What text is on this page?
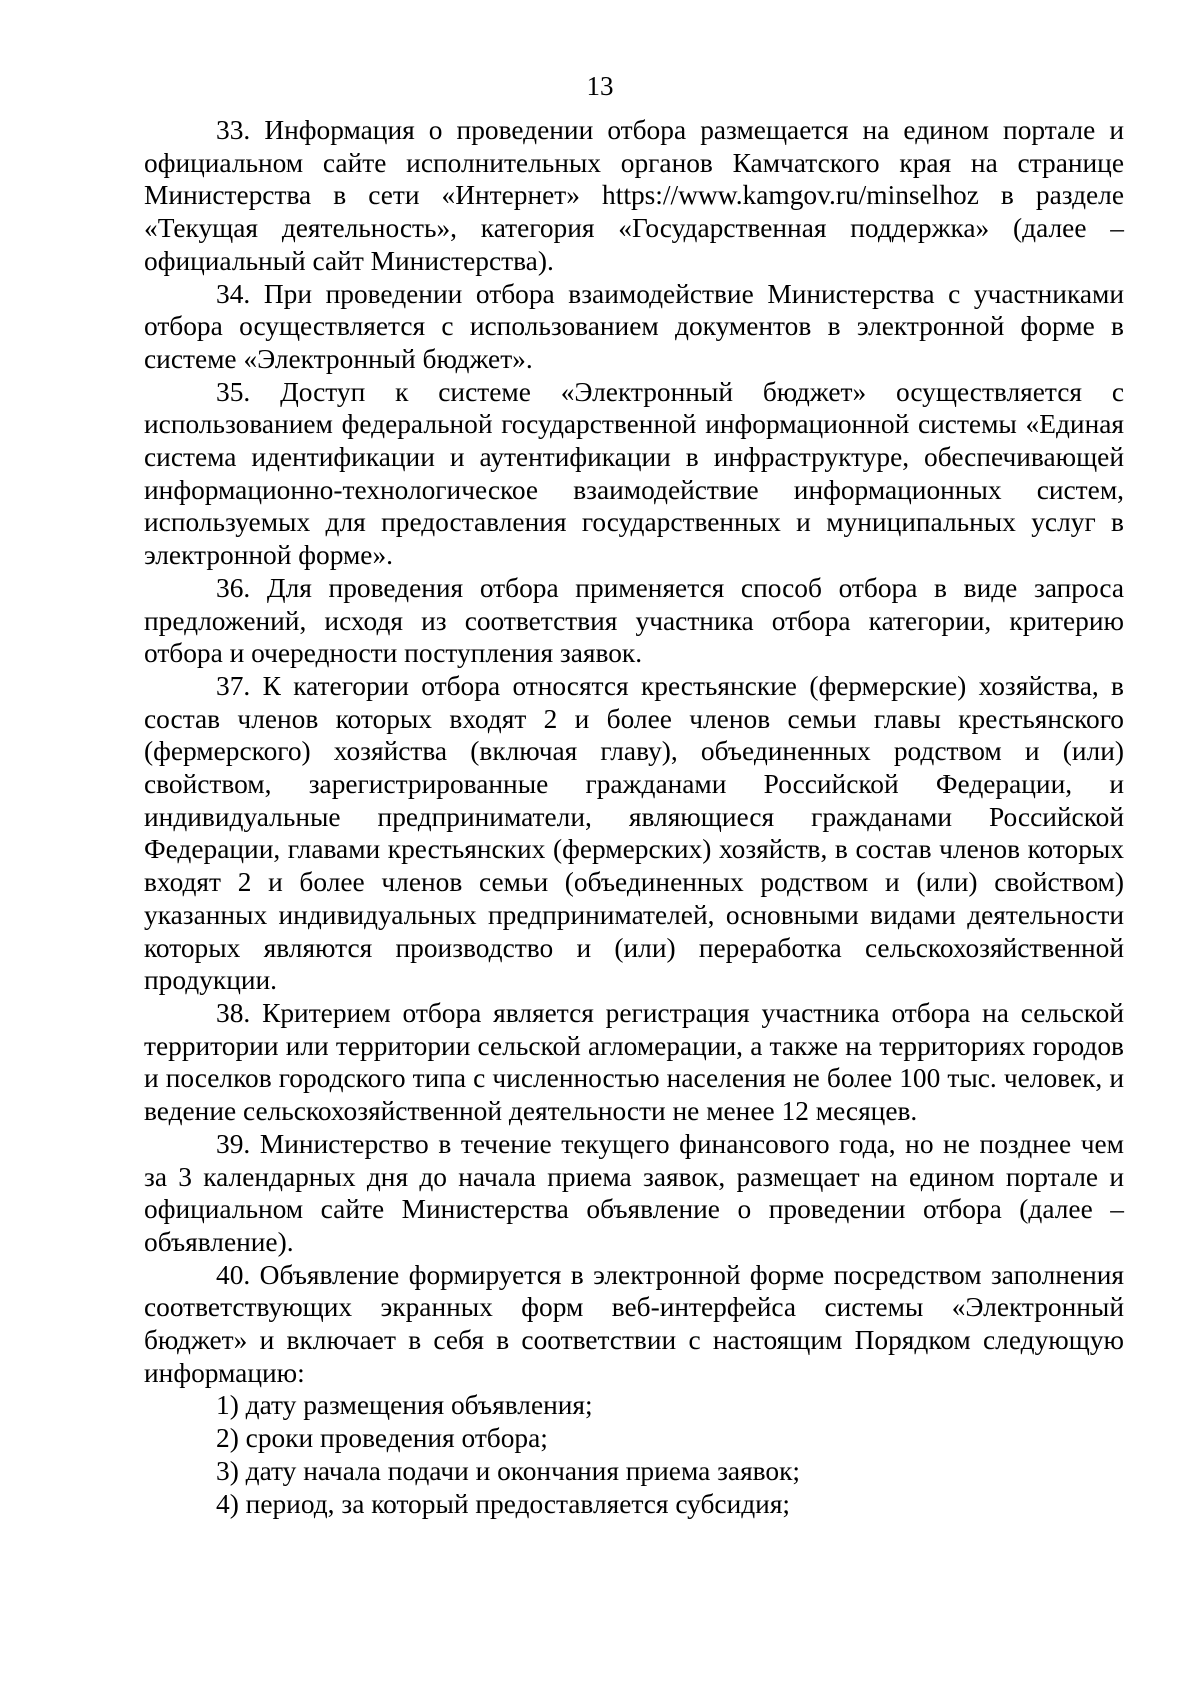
13

33. Информация о проведении отбора размещается на едином портале и официальном сайте исполнительных органов Камчатского края на странице Министерства в сети «Интернет» https://www.kamgov.ru/minselhoz в разделе «Текущая деятельность», категория «Государственная поддержка» (далее – официальный сайт Министерства).

34. При проведении отбора взаимодействие Министерства с участниками отбора осуществляется с использованием документов в электронной форме в системе «Электронный бюджет».

35. Доступ к системе «Электронный бюджет» осуществляется с использованием федеральной государственной информационной системы «Единая система идентификации и аутентификации в инфраструктуре, обеспечивающей информационно-технологическое взаимодействие информационных систем, используемых для предоставления государственных и муниципальных услуг в электронной форме».

36. Для проведения отбора применяется способ отбора в виде запроса предложений, исходя из соответствия участника отбора категории, критерию отбора и очередности поступления заявок.

37. К категории отбора относятся крестьянские (фермерские) хозяйства, в состав членов которых входят 2 и более членов семьи главы крестьянского (фермерского) хозяйства (включая главу), объединенных родством и (или) свойством, зарегистрированные гражданами Российской Федерации, и индивидуальные предприниматели, являющиеся гражданами Российской Федерации, главами крестьянских (фермерских) хозяйств, в состав членов которых входят 2 и более членов семьи (объединенных родством и (или) свойством) указанных индивидуальных предпринимателей, основными видами деятельности которых являются производство и (или) переработка сельскохозяйственной продукции.

38. Критерием отбора является регистрация участника отбора на сельской территории или территории сельской агломерации, а также на территориях городов и поселков городского типа с численностью населения не более 100 тыс. человек, и ведение сельскохозяйственной деятельности не менее 12 месяцев.

39. Министерство в течение текущего финансового года, но не позднее чем за 3 календарных дня до начала приема заявок, размещает на едином портале и официальном сайте Министерства объявление о проведении отбора (далее – объявление).

40. Объявление формируется в электронной форме посредством заполнения соответствующих экранных форм веб-интерфейса системы «Электронный бюджет» и включает в себя в соответствии с настоящим Порядком следующую информацию:

1) дату размещения объявления;

2) сроки проведения отбора;

3) дату начала подачи и окончания приема заявок;

4) период, за который предоставляется субсидия;
